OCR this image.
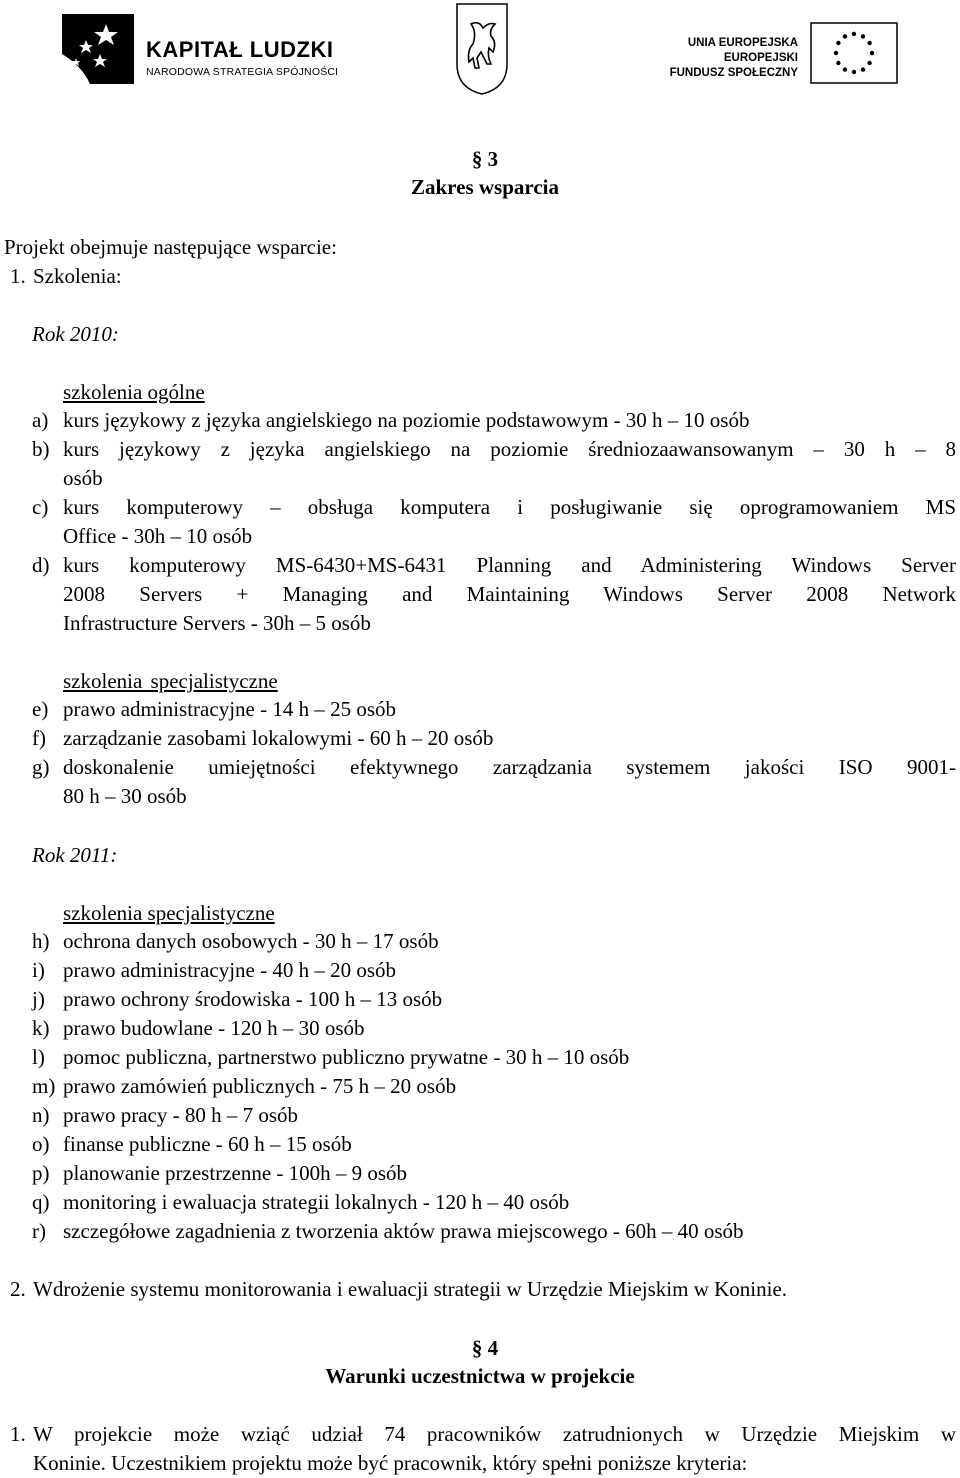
KAPITAŁ LUDZKI
NARODOWA STRATEGIA SPÓJNOŚCI
UNIA EUROPEJSKA
EUROPEJSKI
FUNDUSZ SPOŁECZNY
§ 3
Zakres wsparcia
Projekt obejmuje następujące wsparcie:
1. Szkolenia:
Rok 2010:
szkolenia ogólne
a) kurs językowy z języka angielskiego na poziomie podstawowym - 30 h – 10 osób
b) kurs językowy z języka angielskiego na poziomie średniozaawansowanym – 30 h – 8
osób
c) kurs komputerowy – obsługa komputera i posługiwanie się oprogramowaniem MS
Office - 30h – 10 osób
d) kurs komputerowy MS-6430+MS-6431 Planning and Administering Windows Server
2008 Servers + Managing and Maintaining Windows Server 2008 Network
Infrastructure Servers - 30h – 5 osób
szkolenia specjalistyczne
e) prawo administracyjne - 14 h – 25 osób
f) zarządzanie zasobami lokalowymi - 60 h – 20 osób
g) doskonalenie umiejętności efektywnego zarządzania systemem jakości ISO 9001-
80 h – 30 osób
Rok 2011:
szkolenia specjalistyczne
h) ochrona danych osobowych - 30 h – 17 osób
i) prawo administracyjne - 40 h – 20 osób
j) prawo ochrony środowiska - 100 h – 13 osób
k) prawo budowlane - 120 h – 30 osób
l) pomoc publiczna, partnerstwo publiczno prywatne - 30 h – 10 osób
m) prawo zamówień publicznych - 75 h – 20 osób
n) prawo pracy - 80 h – 7 osób
o) finanse publiczne - 60 h – 15 osób
p) planowanie przestrzenne - 100h – 9 osób
q) monitoring i ewaluacja strategii lokalnych - 120 h – 40 osób
r) szczegółowe zagadnienia z tworzenia aktów prawa miejscowego - 60h – 40 osób
2. Wdrożenie systemu monitorowania i ewaluacji strategii w Urzędzie Miejskim w Koninie.
§ 4
Warunki uczestnictwa w projekcie
1. W projekcie może wziąć udział 74 pracowników zatrudnionych w Urzędzie Miejskim w
Koninie. Uczestnikiem projektu może być pracownik, który spełni poniższe kryteria:
